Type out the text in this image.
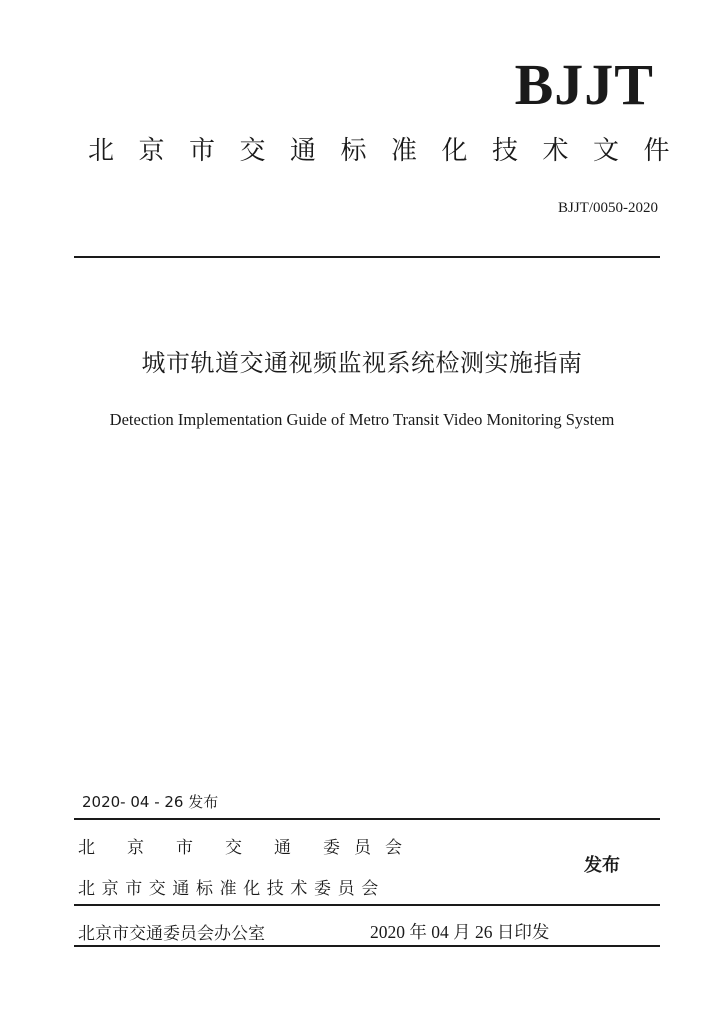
BJJT
北京市交通标准化技术文件
BJJT/0050-2020
城市轨道交通视频监视系统检测实施指南
Detection Implementation Guide of Metro Transit Video Monitoring System
2020- 04 - 26 发布
北 京 市 交 通 委 员 会
北京市交通标准化技术委员会
发布
北京市交通委员会办公室	2020 年 04 月 26 日印发
